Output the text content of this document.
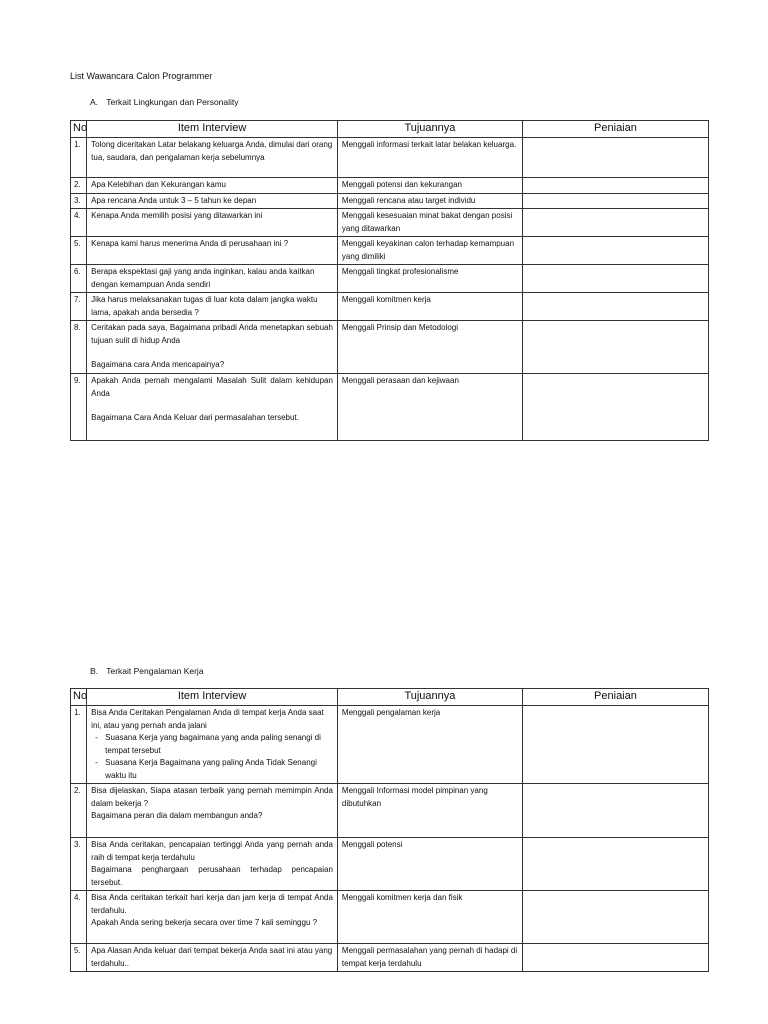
List Wawancara Calon Programmer
A. Terkait Lingkungan dan Personality
No	Item Interview	Tujuannya	Peniaian
1.	Tolong diceritakan Latar belakang keluarga Anda, dimulai dari orang tua, saudara, dan pengalaman kerja sebelumnya	Menggali informasi terkait latar belakan keluarga.	
2.	Apa Kelebihan dan Kekurangan kamu	Menggali potensi dan kekurangan	
3.	Apa rencana Anda untuk 3 – 5 tahun ke depan	Menggali rencana atau target individu	
4.	Kenapa Anda memilih posisi yang ditawarkan ini	Menggali kesesuaian minat bakat dengan posisi yang ditawarkan	
5.	Kenapa kami harus menerima Anda di perusahaan ini ?	Menggali keyakinan calon terhadap kemampuan yang dimiliki	
6.	Berapa ekspektasi gaji yang anda inginkan, kalau anda kaitkan dengan kemampuan Anda sendiri	Menggali tingkat profesionalisme	
7.	Jika harus melaksanakan tugas di luar kota dalam jangka waktu lama, apakah anda bersedia ?	Menggali komitmen kerja	
8.	Ceritakan pada saya, Bagaimana pribadi Anda menetapkan sebuah tujuan sulit di hidup Anda
Bagaimana cara Anda mencapainya?	Menggali Prinsip dan Metodologi	
9.	Apakah Anda pernah mengalami Masalah Sulit dalam kehidupan Anda
Bagaimana Cara Anda Keluar dari permasalahan tersebut.	Menggali perasaan dan kejiwaan	
B. Terkait Pengalaman Kerja
No	Item Interview	Tujuannya	Peniaian
1.	Bisa Anda Ceritakan Pengalaman Anda di tempat kerja Anda saat ini, atau yang pernah anda jalani
- Suasana Kerja yang bagaimana yang anda paling senangi di tempat tersebut
- Suasana Kerja Bagaimana yang paling Anda Tidak Senangi waktu itu	Menggali pengalaman kerja	
2.	Bisa dijelaskan, Siapa atasan terbaik yang pernah memimpin Anda dalam bekerja ?
Bagaimana peran dia dalam membangun anda?	Menggali Informasi model pimpinan yang dibutuhkan	
3.	Bisa Anda ceritakan, pencapaian tertinggi Anda yang pernah anda raih di tempat kerja terdahulu
Bagaimana penghargaan perusahaan terhadap pencapaian tersebut.	Menggali potensi	
4.	Bisa Anda ceritakan terkait hari kerja dan jam kerja di tempat Anda terdahulu.
Apakah Anda sering bekerja secara over time 7 kali seminggu ?	Menggali komitmen kerja dan fisik	
5.	Apa Alasan Anda keluar dari tempat bekerja Anda saat ini atau yang terdahulu..	Menggali permasalahan yang pernah di hadapi di tempat kerja terdahulu	
